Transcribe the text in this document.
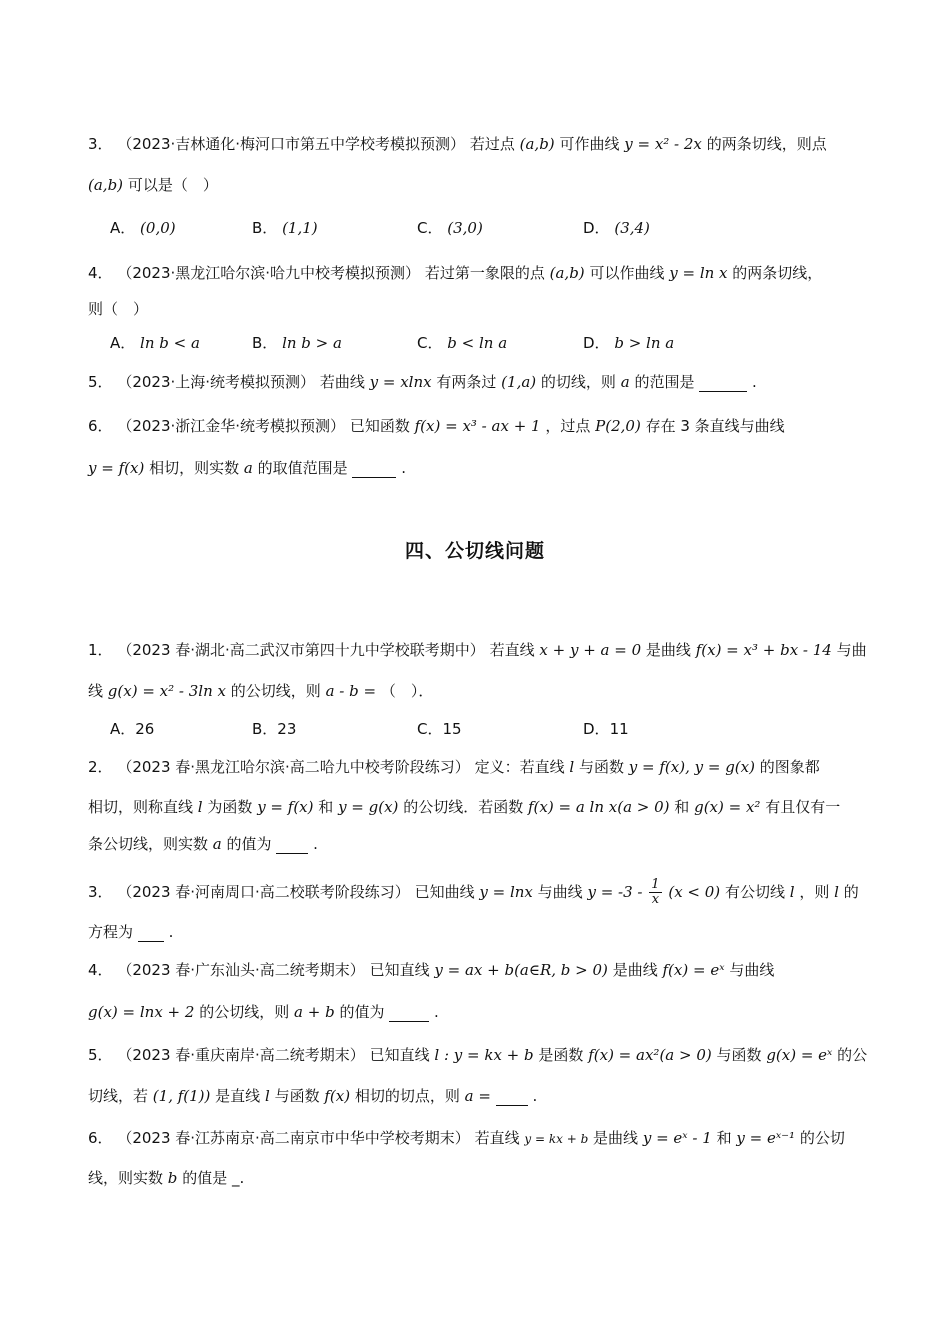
3． （2023·吉林通化·梅河口市第五中学校考模拟预测） 若过点 (a,b) 可作曲线 y = x² - 2x 的两条切线，则点
(a,b) 可以是（　）
A． (0,0)	B． (1,1)	C． (3,0)	D． (3,4)
4． （2023·黑龙江哈尔滨·哈九中校考模拟预测） 若过第一象限的点 (a,b) 可以作曲线 y = ln x 的两条切线，
则（　）
A． ln b < a	B． ln b > a	C． b < ln a	D． b > ln a
5． （2023·上海·统考模拟预测） 若曲线 y = xlnx 有两条过 (1,a) 的切线，则 a 的范围是	.
6． （2023·浙江金华·统考模拟预测） 已知函数 f(x) = x³ - ax + 1 ，过点 P(2,0) 存在 3 条直线与曲线
y = f(x) 相切，则实数 a 的取值范围是	.
四、公切线问题
1． （2023 春·湖北·高二武汉市第四十九中学校联考期中） 若直线 x + y + a = 0 是曲线 f(x) = x³ + bx - 14 与曲
线 g(x) = x² - 3ln x 的公切线，则 a - b = （　）．
A．26	B．23	C．15	D．11
2． （2023 春·黑龙江哈尔滨·高二哈九中校考阶段练习） 定义：若直线 l 与函数 y = f(x), y = g(x) 的图象都
相切，则称直线 l 为函数 y = f(x) 和 y = g(x) 的公切线．若函数 f(x) = a ln x(a > 0) 和 g(x) = x² 有且仅有一
条公切线，则实数 a 的值为	.
3． （2023 春·河南周口·高二校联考阶段练习） 已知曲线 y = lnx 与曲线 $y = -3 - \frac{1}{x} (x < 0)$ 有公切线 l ，则 l 的
方程为 .
4． （2023 春·广东汕头·高二统考期末） 已知直线 y = ax + b(a∈R, b > 0) 是曲线 f(x) = eˣ 与曲线
g(x) = lnx + 2 的公切线，则 a + b 的值为	.
5． （2023 春·重庆南岸·高二统考期末） 已知直线 l : y = kx + b 是函数 f(x) = ax²(a > 0) 与函数 g(x) = eˣ 的公
切线，若 (1, f(1)) 是直线 l 与函数 f(x) 相切的切点，则 a =	.
6． （2023 春·江苏南京·高二南京市中华中学校考期末） 若直线 y = kx + b 是曲线 y = eˣ - 1 和 y = eˣ⁻¹ 的公切
线，则实数 b 的值是 _.
